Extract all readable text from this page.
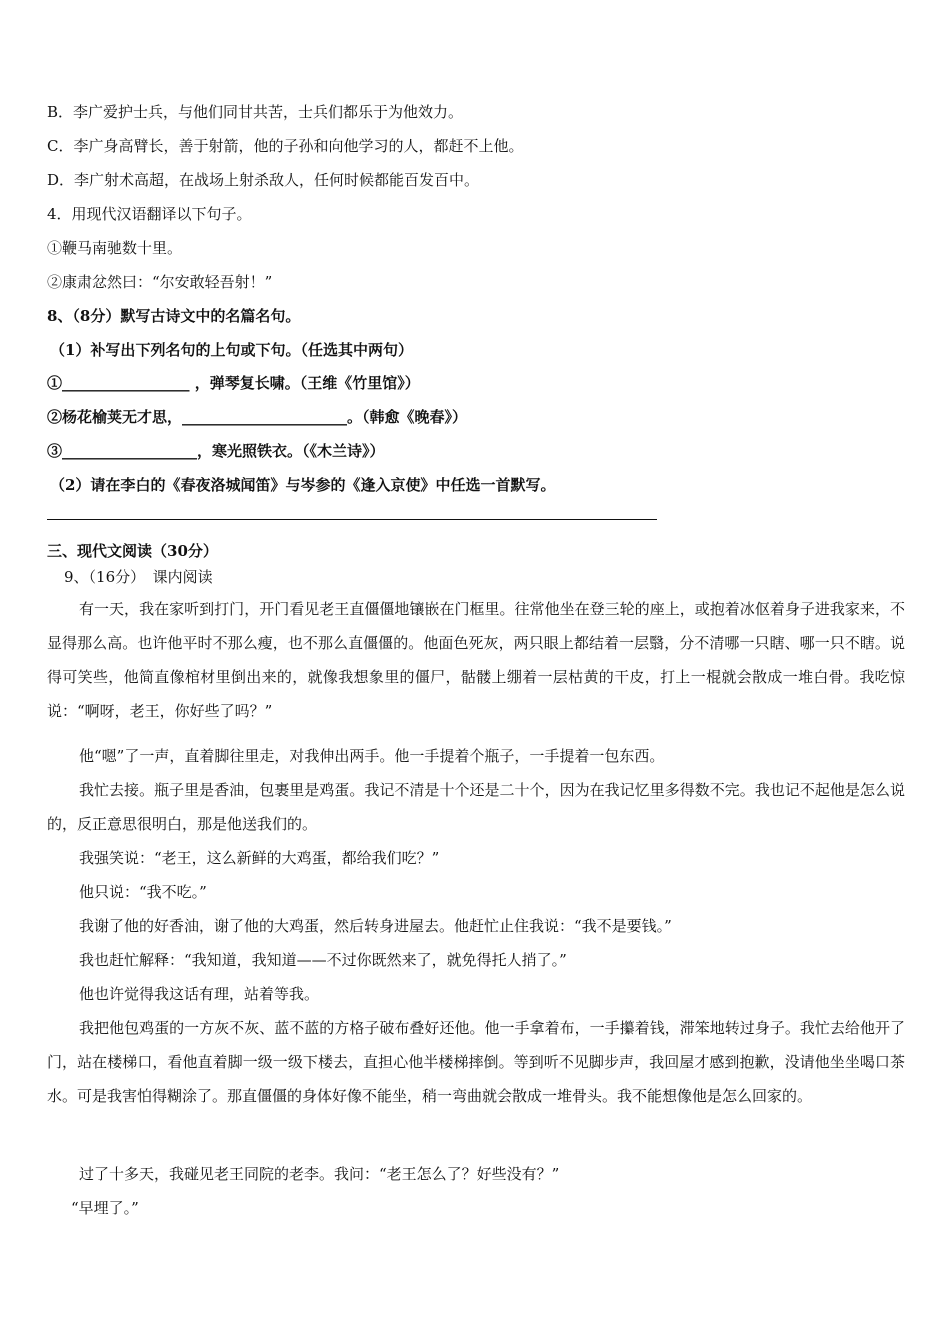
B．李广爱护士兵，与他们同甘共苦，士兵们都乐于为他效力。
C．李广身高臂长，善于射箭，他的子孙和向他学习的人，都赶不上他。
D．李广射术高超，在战场上射杀敌人，任何时候都能百发百中。
4．用现代汉语翻译以下句子。
①鞭马南驰数十里。
②康肃忿然曰：“尔安敢轻吾射！”
8、（8分）默写古诗文中的名篇名句。
（1）补写出下列名句的上句或下句。（任选其中两句）
①_________________ ，弹琴复长啸。（王维《竹里馆》）
②杨花榆荚无才思，______________________。（韩愈《晚春》）
③__________________，寒光照铁衣。（《木兰诗》）
（2）请在李白的《春夜洛城闻笛》与岑参的《逢入京使》中任选一首默写。
三、现代文阅读（30分）
9、（16分）　课内阅读
有一天，我在家听到打门，开门看见老王直僵僵地镶嵌在门框里。往常他坐在登三轮的座上，或抱着冰伛着身子进我家来，不显得那么高。也许他平时不那么瘦，也不那么直僵僵的。他面色死灰，两只眼上都结着一层翳，分不清哪一只瞎、哪一只不瞎。说得可笑些，他简直像棺材里倒出来的，就像我想象里的僵尸，骷髅上绷着一层枯黄的干皮，打上一棍就会散成一堆白骨。我吃惊说：“啊呀，老王，你好些了吗？”
他“嗯”了一声，直着脚往里走，对我伸出两手。他一手提着个瓶子，一手提着一包东西。
我忙去接。瓶子里是香油，包裹里是鸡蛋。我记不清是十个还是二十个，因为在我记忆里多得数不完。我也记不起他是怎么说的，反正意思很明白，那是他送我们的。
我强笑说：“老王，这么新鲜的大鸡蛋，都给我们吃？”
他只说：“我不吃。”
我谢了他的好香油，谢了他的大鸡蛋，然后转身进屋去。他赶忙止住我说：“我不是要钱。”
我也赶忙解释：“我知道，我知道——不过你既然来了，就免得托人捎了。”
他也许觉得我这话有理，站着等我。
我把他包鸡蛋的一方灰不灰、蓝不蓝的方格子破布叠好还他。他一手拿着布，一手攥着钱，滞笨地转过身子。我忙去给他开了门，站在楼梯口，看他直着脚一级一级下楼去，直担心他半楼梯摔倒。等到听不见脚步声，我回屋才感到抱歉，没请他坐坐喝口茶水。可是我害怕得糊涂了。那直僵僵的身体好像不能坐，稍一弯曲就会散成一堆骨头。我不能想像他是怎么回家的。
过了十多天，我碰见老王同院的老李。我问：“老王怎么了？好些没有？”
“早埋了。”
